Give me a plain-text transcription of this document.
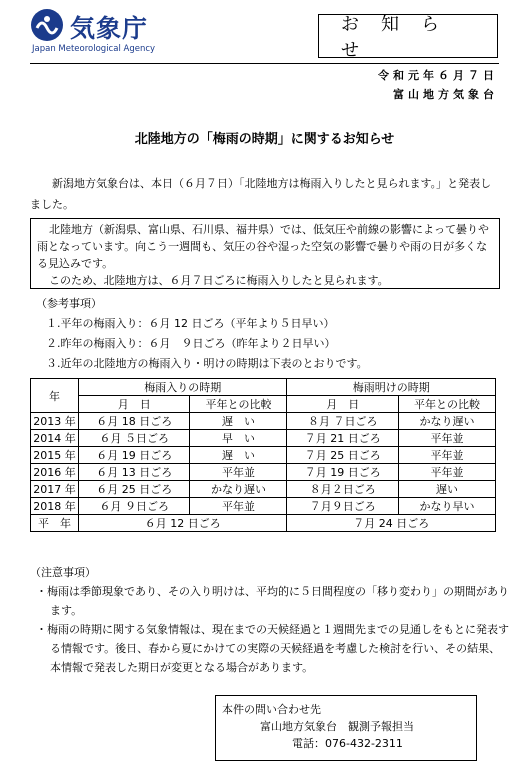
気象庁
Japan Meteorological Agency
お知らせ
令和元年６月７日
富山地方気象台
北陸地方の「梅雨の時期」に関するお知らせ
新潟地方気象台は、本日（６月７日）「北陸地方は梅雨入りしたと見られます。」と発表しました。

北陸地方（新潟県、富山県、石川県、福井県）では、低気圧や前線の影響によって曇りや雨となっています。向こう一週間も、気圧の谷や湿った空気の影響で曇りや雨の日が多くなる見込みです。

このため、北陸地方は、６月７日ごろに梅雨入りしたと見られます。

（参考事項）
１.平年の梅雨入り：６月 12 日ごろ（平年より５日早い）
２.昨年の梅雨入り：６月　９日ごろ（昨年より２日早い）
３.近年の北陸地方の梅雨入り・明けの時期は下表のとおりです。
年	梅雨入りの時期		梅雨明けの時期	
	月　日	平年との比較	月　日	平年との比較
2013 年	６月 18 日ごろ	遅　い	８月 ７日ごろ	かなり遅い
2014 年	６月 ５日ごろ	早　い	７月 21 日ごろ	平年並
2015 年	６月 19 日ごろ	遅　い	７月 25 日ごろ	平年並
2016 年	６月 13 日ごろ	平年並	７月 19 日ごろ	平年並
2017 年	６月 25 日ごろ	かなり遅い	８月２日ごろ	遅い
2018 年	６月 ９日ごろ	平年並	７月９日ごろ	かなり早い
平　年	６月 12 日ごろ		７月 24 日ごろ	
（注意事項）
・梅雨は季節現象であり、その入り明けは、平均的に５日間程度の「移り変わり」の期間があります。
・梅雨の時期に関する気象情報は、現在までの天候経過と１週間先までの見通しをもとに発表する情報です。後日、春から夏にかけての実際の天候経過を考慮した検討を行い、その結果、本情報で発表した期日が変更となる場合があります。
本件の問い合わせ先
富山地方気象台　観測予報担当
電話：076-432-2311
